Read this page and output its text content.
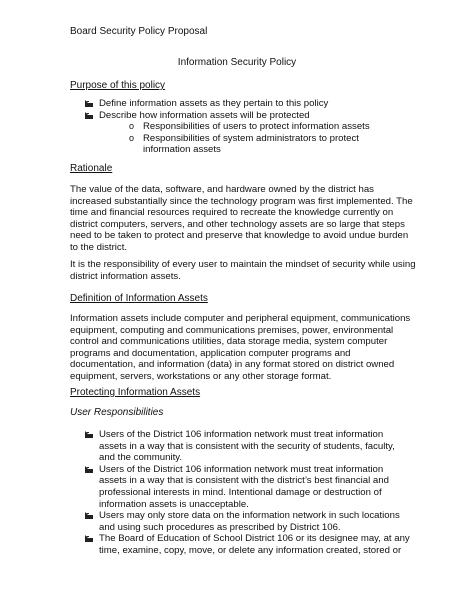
Board Security Policy Proposal
Information Security Policy
Purpose of this policy
Define information assets as they pertain to this policy
Describe how information assets will be protected
o Responsibilities of users to protect information assets
o Responsibilities of system administrators to protect information assets
Rationale

The value of the data, software, and hardware owned by the district has increased substantially since the technology program was first implemented. The time and financial resources required to recreate the knowledge currently on district computers, servers, and other technology assets are so large that steps need to be taken to protect and preserve that knowledge to avoid undue burden to the district.

It is the responsibility of every user to maintain the mindset of security while using district information assets.

Definition of Information Assets

Information assets include computer and peripheral equipment, communications equipment, computing and communications premises, power, environmental control and communications utilities, data storage media, system computer programs and documentation, application computer programs and documentation, and information (data) in any format stored on district owned equipment, servers, workstations or any other storage format.

Protecting Information Assets
User Responsibilities
Users of the District 106 information network must treat information assets in a way that is consistent with the security of students, faculty, and the community.
Users of the District 106 information network must treat information assets in a way that is consistent with the district’s best financial and professional interests in mind. Intentional damage or destruction of information assets is unacceptable.
Users may only store data on the information network in such locations and using such procedures as prescribed by District 106.
The Board of Education of School District 106 or its designee may, at any time, examine, copy, move, or delete any information created, stored or
